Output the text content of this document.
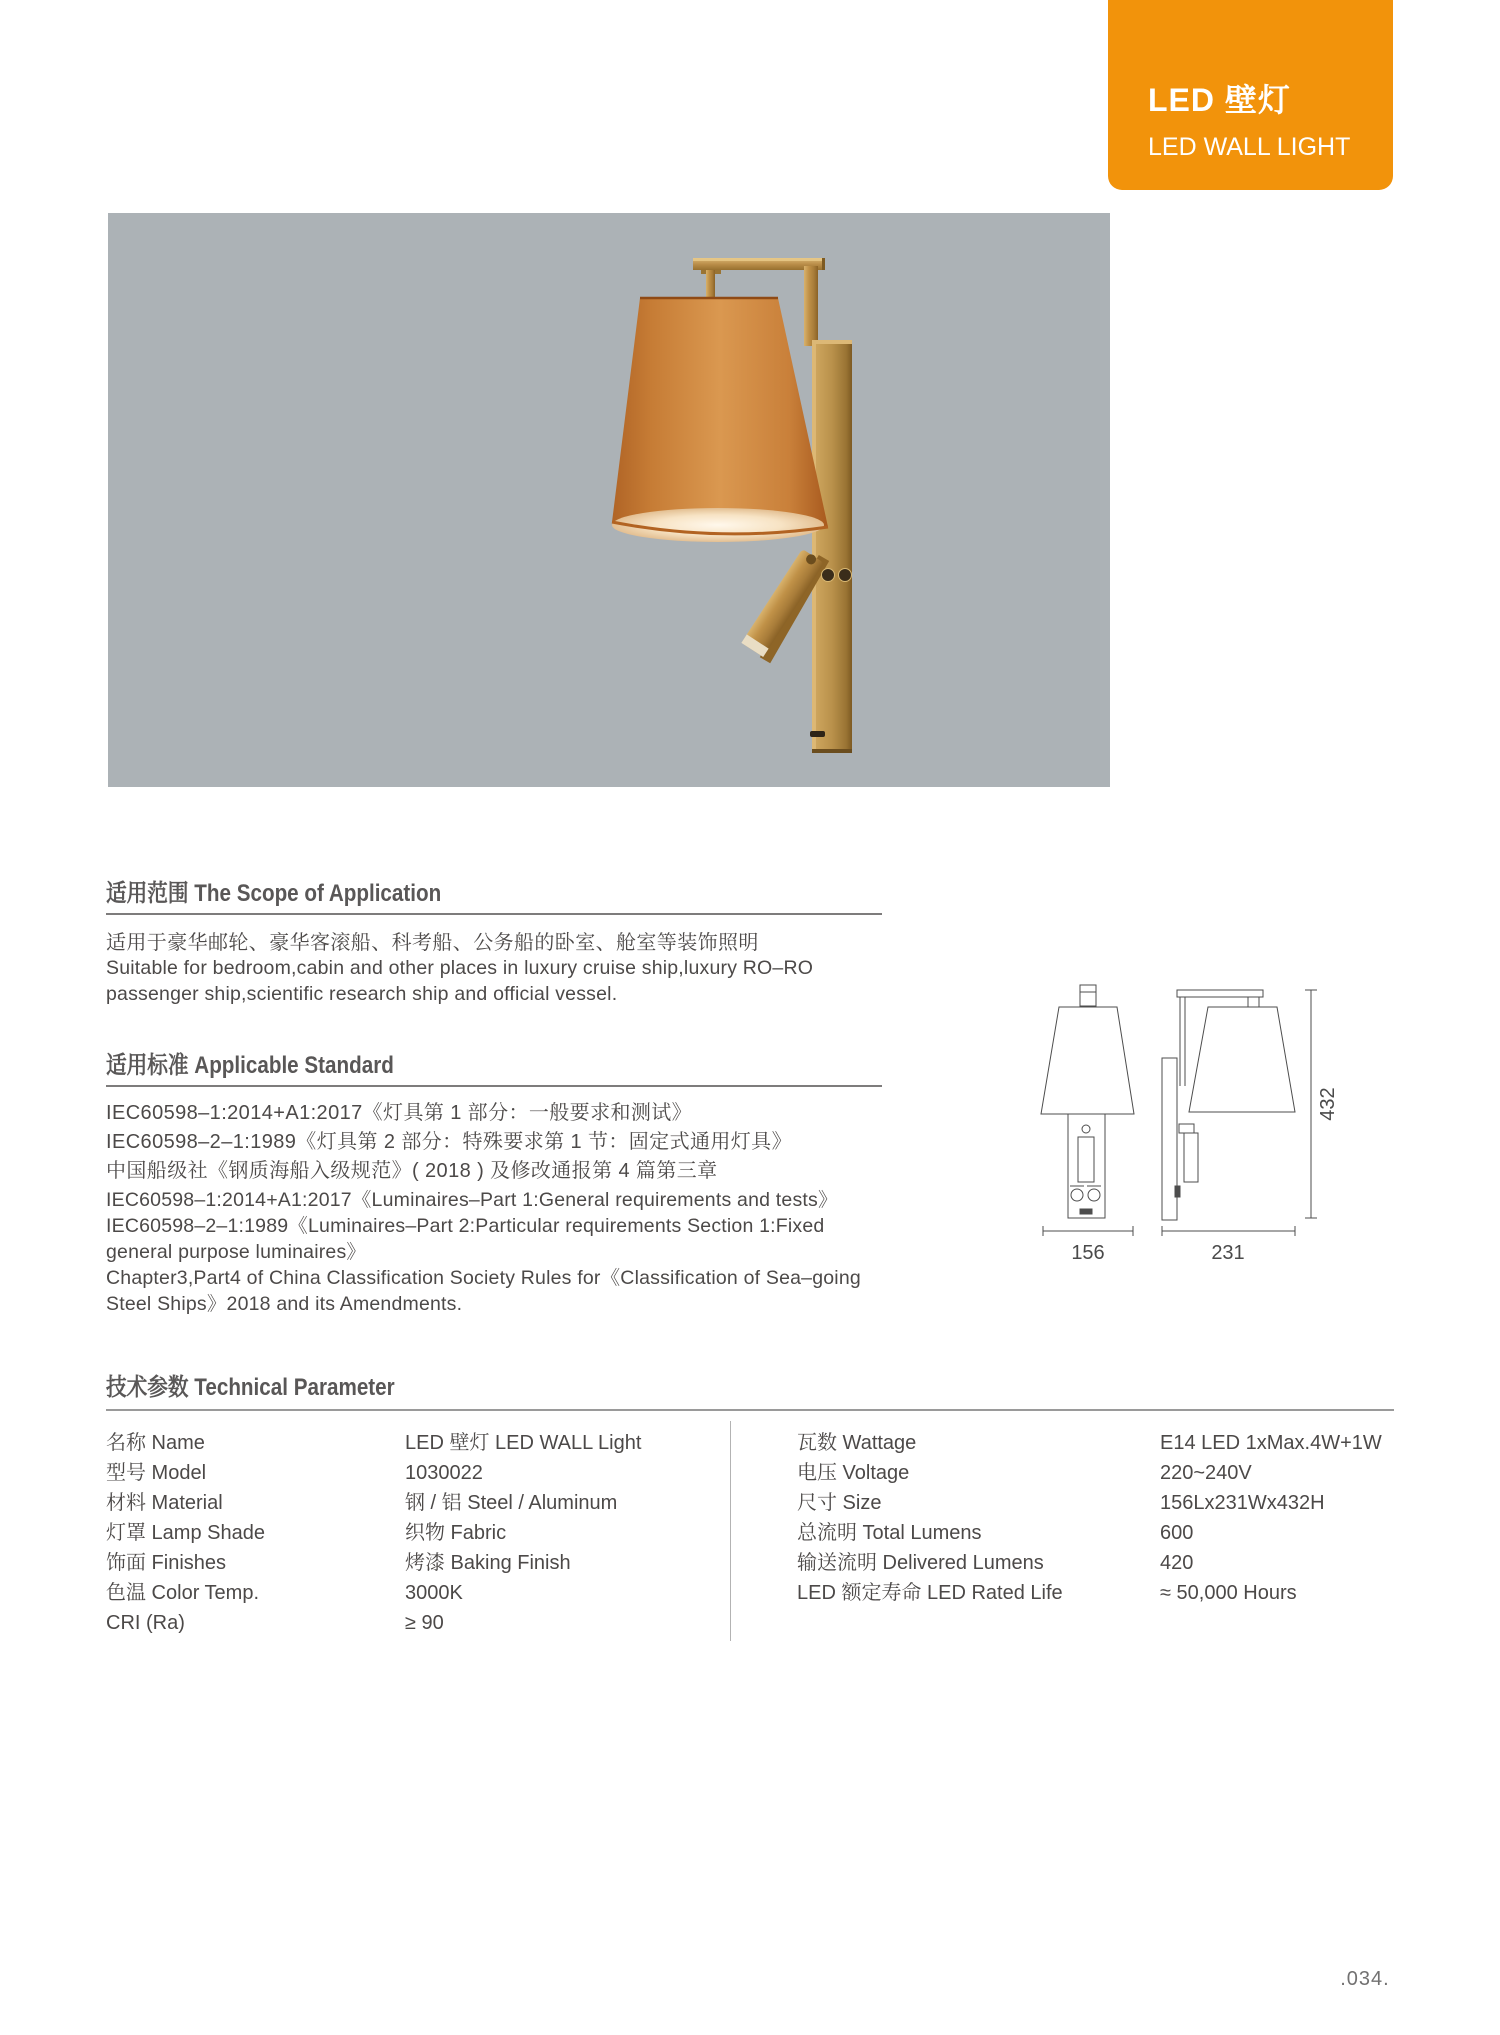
LED 壁灯
LED WALL LIGHT
适用范围 The Scope of Application
适用于豪华邮轮、豪华客滚船、科考船、公务船的卧室、舱室等装饰照明
Suitable for bedroom,cabin and other places in luxury cruise ship,luxury RO–RO
passenger ship,scientific research ship and official vessel.
适用标准 Applicable Standard
IEC60598–1:2014+A1:2017《灯具第 1 部分：一般要求和测试》
IEC60598–2–1:1989《灯具第 2 部分：特殊要求第 1 节：固定式通用灯具》
中国船级社《钢质海船入级规范》( 2018 ) 及修改通报第 4 篇第三章
IEC60598–1:2014+A1:2017《Luminaires–Part 1:General requirements and tests》
IEC60598–2–1:1989《Luminaires–Part 2:Particular requirements Section 1:Fixed
general purpose luminaires》
Chapter3,Part4 of China Classification Society Rules for《Classification of Sea–going
Steel Ships》2018 and its Amendments.
156	231
432
技术参数 Technical Parameter
名称 Name
型号 Model
材料 Material
灯罩 Lamp Shade
饰面 Finishes
色温 Color Temp.
CRI (Ra)
LED 壁灯 LED WALL Light
1030022
钢 / 铝 Steel / Aluminum
织物 Fabric
烤漆 Baking Finish
3000K
≥ 90
瓦数 Wattage
电压 Voltage
尺寸 Size
总流明 Total Lumens
输送流明 Delivered Lumens
LED 额定寿命 LED Rated Life
E14 LED 1xMax.4W+1W
220~240V
156Lx231Wx432H
600
420
≈ 50,000 Hours
.034.
